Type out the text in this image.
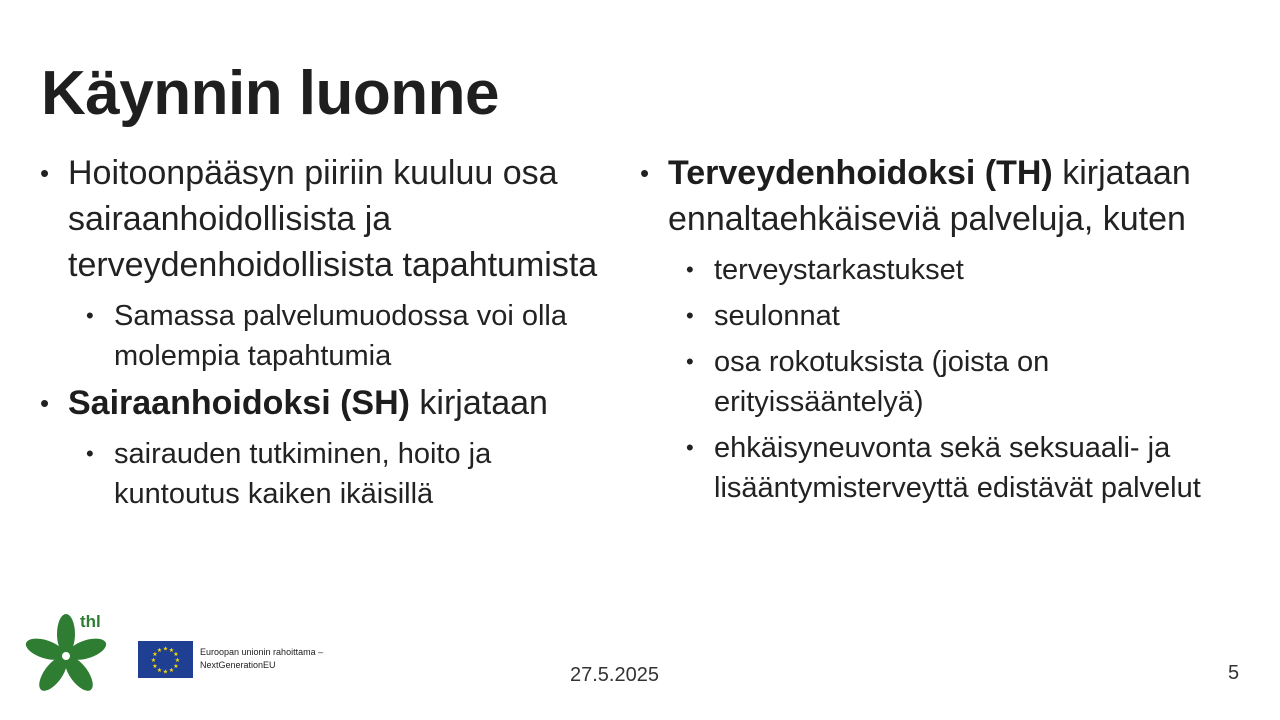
Käynnin luonne
• Hoitoonpääsyn piiriin kuuluu osa sairaanhoidollisista ja terveydenhoidollisista tapahtumista
• Samassa palvelumuodossa voi olla molempia tapahtumia
• Sairaanhoidoksi (SH) kirjataan
• sairauden tutkiminen, hoito ja kuntoutus kaiken ikäisillä
• Terveydenhoidoksi (TH) kirjataan ennaltaehkäiseviä palveluja, kuten
• terveystarkastukset
• seulonnat
• osa rokotuksista (joista on erityissääntelyä)
• ehkäisyneuvonta sekä seksuaali- ja lisääntymisterveyttä edistävät palvelut
thl
★ ★
★
★
★
★
★
★
★
★
★
★	Euroopan unionin rahoittama –
NextGenerationEU	27.5.2025	5
